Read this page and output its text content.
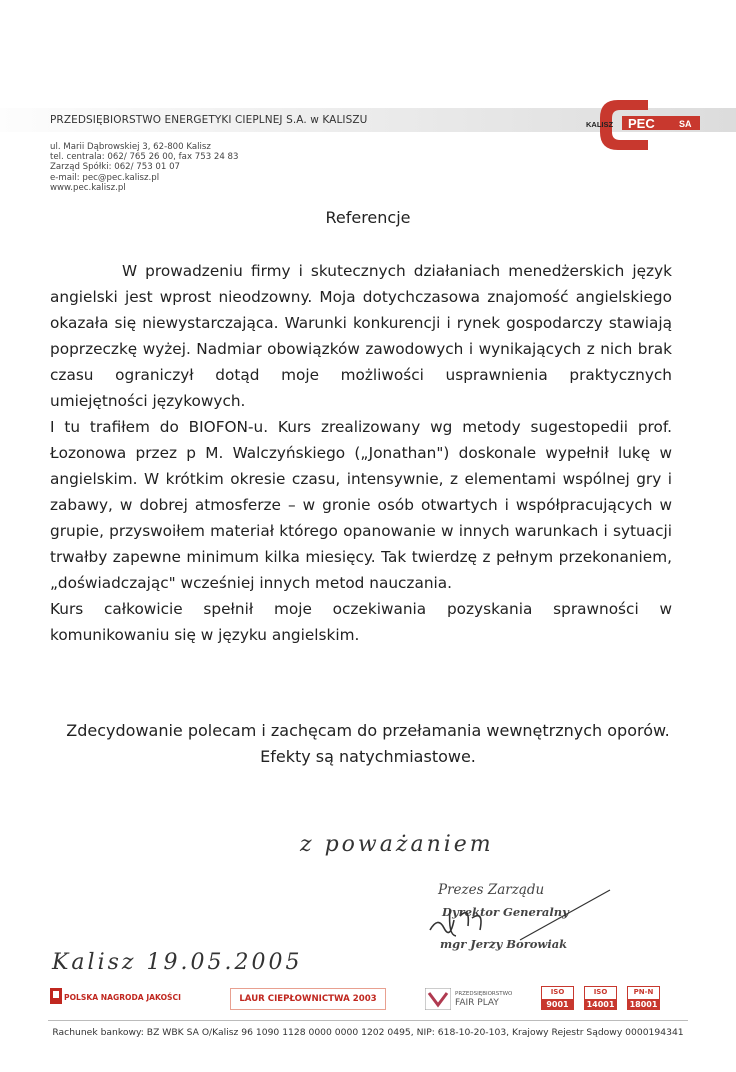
PRZEDSIĘBIORSTWO ENERGETYKI CIEPLNEJ S.A. w KALISZU
ul. Marii Dąbrowskiej 3, 62-800 Kalisz
tel. centrala: 062/ 765 26 00, fax 753 24 83
Zarząd Spółki: 062/ 753 01 07
e-mail: pec@pec.kalisz.pl
www.pec.kalisz.pl
KALISZ PEC	SA
Referencje

W prowadzeniu firmy i skutecznych działaniach menedżerskich język angielski jest wprost nieodzowny. Moja dotychczasowa znajomość angielskiego okazała się niewystarczająca. Warunki konkurencji i rynek gospodarczy stawiają poprzeczkę wyżej. Nadmiar obowiązków zawodowych i wynikających z nich brak czasu ograniczył dotąd moje możliwości usprawnienia praktycznych umiejętności językowych.

I tu trafiłem do BIOFON-u. Kurs zrealizowany wg metody sugestopedii prof. Łozonowa przez p M. Walczyńskiego („Jonathan") doskonale wypełnił lukę w angielskim. W krótkim okresie czasu, intensywnie, z elementami wspólnej gry i zabawy, w dobrej atmosferze – w gronie osób otwartych i współpracujących w grupie, przyswoiłem materiał którego opanowanie w innych warunkach i sytuacji trwałby zapewne minimum kilka miesięcy. Tak twierdzę z pełnym przekonaniem, „doświadczając" wcześniej innych metod nauczania.

Kurs całkowicie spełnił moje oczekiwania pozyskania sprawności w komunikowaniu się w języku angielskim.

Zdecydowanie polecam i zachęcam do przełamania wewnętrznych oporów.
Efekty są natychmiastowe.
z poważaniem
Kalisz 19.05.2005
Prezes Zarządu
Dyrektor Generalny
mgr Jerzy Borowiak
POLSKA NAGRODA JAKOŚCI	LAUR CIEPŁOWNICTWA 2003	PRZEDSIĘBIORSTWO
FAIR PLAY
ISO
9001
ISO
14001
PN-N
18001
Rachunek bankowy: BZ WBK SA O/Kalisz 96 1090 1128 0000 0000 1202 0495, NIP: 618-10-20-103, Krajowy Rejestr Sądowy 0000194341
